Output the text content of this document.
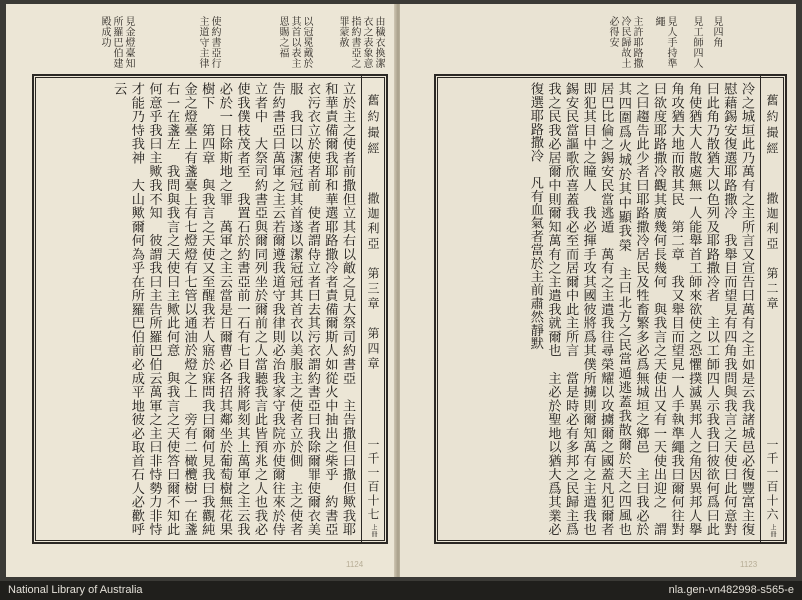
舊約撮經
撒迦利亞　第三章　第四章
一千一百十七
上冊
立於主之使者前撒但立其右以敵之見大祭司約書亞　主告撒但曰撒但歟我耶和華責備爾我耶和華選耶路撒冷者責備爾斯人如從火中抽出之柴乎　約書亞衣污衣立於使者前　使者謂侍立者曰去其污衣謂約書亞曰我除爾罪使爾衣美服　我曰以潔冠冠其首遂以潔冠冠其首衣以美服主之使者立於側　主之使者告約書亞曰萬軍之主云若爾遵我道守我律則必治我家守我院亦使爾往來於侍立者中　大祭司約書亞與爾同列坐於爾前之人當聽我言此皆預兆之人也我必使我僕枝茂者至　我置石於約書亞前一石有七目我將彫刻其上萬軍之主云我必於一日除斯地之罪　萬軍之主云當是日爾曹必各招其鄰坐於葡萄樹無花果樹下　第四章　與我言之天使又至醒我若人寤於寐問我曰爾何見我曰我觀純金之燈臺上有盞臺上有七燈燈有七管以通油於燈之上　旁有二橄欖樹一在盞右一在盞左　我問與我言之天使曰主歟此何意　與我言之天使答曰爾不知此何意乎我曰主歟我不知　彼謂我曰主告所羅巴伯云萬軍之主曰非恃勢力非恃才能乃恃我神　大山歟爾何為乎在所羅巴伯前必成平地彼必取首石人必歡呼云
由穢衣換潔衣之表象意指約書亞之罪蒙赦
以冠冕戴於其首以表主恩賜之福
使約書亞行主道守主律
見金燈臺知所羅巴伯建殿成功
1124
舊約撮經
撒迦利亞　第二章
一千一百十六
上冊
冷之城垣此乃萬有之主所言又宣告曰萬有之主如是云我諸城邑必復豐富主復慰藉錫安復選耶路撒冷　我舉目而望見有四角我問與我言之天使曰此何意對曰此角乃散猶大以色列及耶路撒冷者　主以工師四人示我我曰彼欲何爲曰此角使猶大人散處無一人能舉首工師來欲使之恐懼撲滅異邦人之角因異邦人擧角攻猶大地而散其民　第二章　我又舉目而望見一人手執準繩我曰爾何往對曰欲度耶路撒冷觀其廣幾何長幾何　與我言之天使出又有一天使出迎之　謂之曰趨告此少者曰耶路撒冷居民及牲畜繁多必爲無城垣之鄉邑　主曰我必於其四圍爲火城於其中顯我榮　主曰北方之民當遁逃蓋我散爾於天之四風也　居巴比倫之錫安民當逃遁　萬有之主遣我往尋榮耀以攻擄爾之國蓋凡犯爾者即犯其目中之瞳人　我必揮手攻其國彼將爲其僕所擄則爾知萬有之主遣我也　錫安民當謳歌欣喜蓋我必至而居爾中此主所言　當是時必有多邦之民歸主爲我之民我必居爾中則爾知萬有之主遣我就爾也　主必於聖地以猶大爲其業必復選耶路撒冷　凡有血氣者當於主前肅然靜默
見四角
見工師四人
見人手持準繩
主許耶路撒冷民歸故土必得安
1123
National Library of Australia	nla.gen-vn482998-s565-e
